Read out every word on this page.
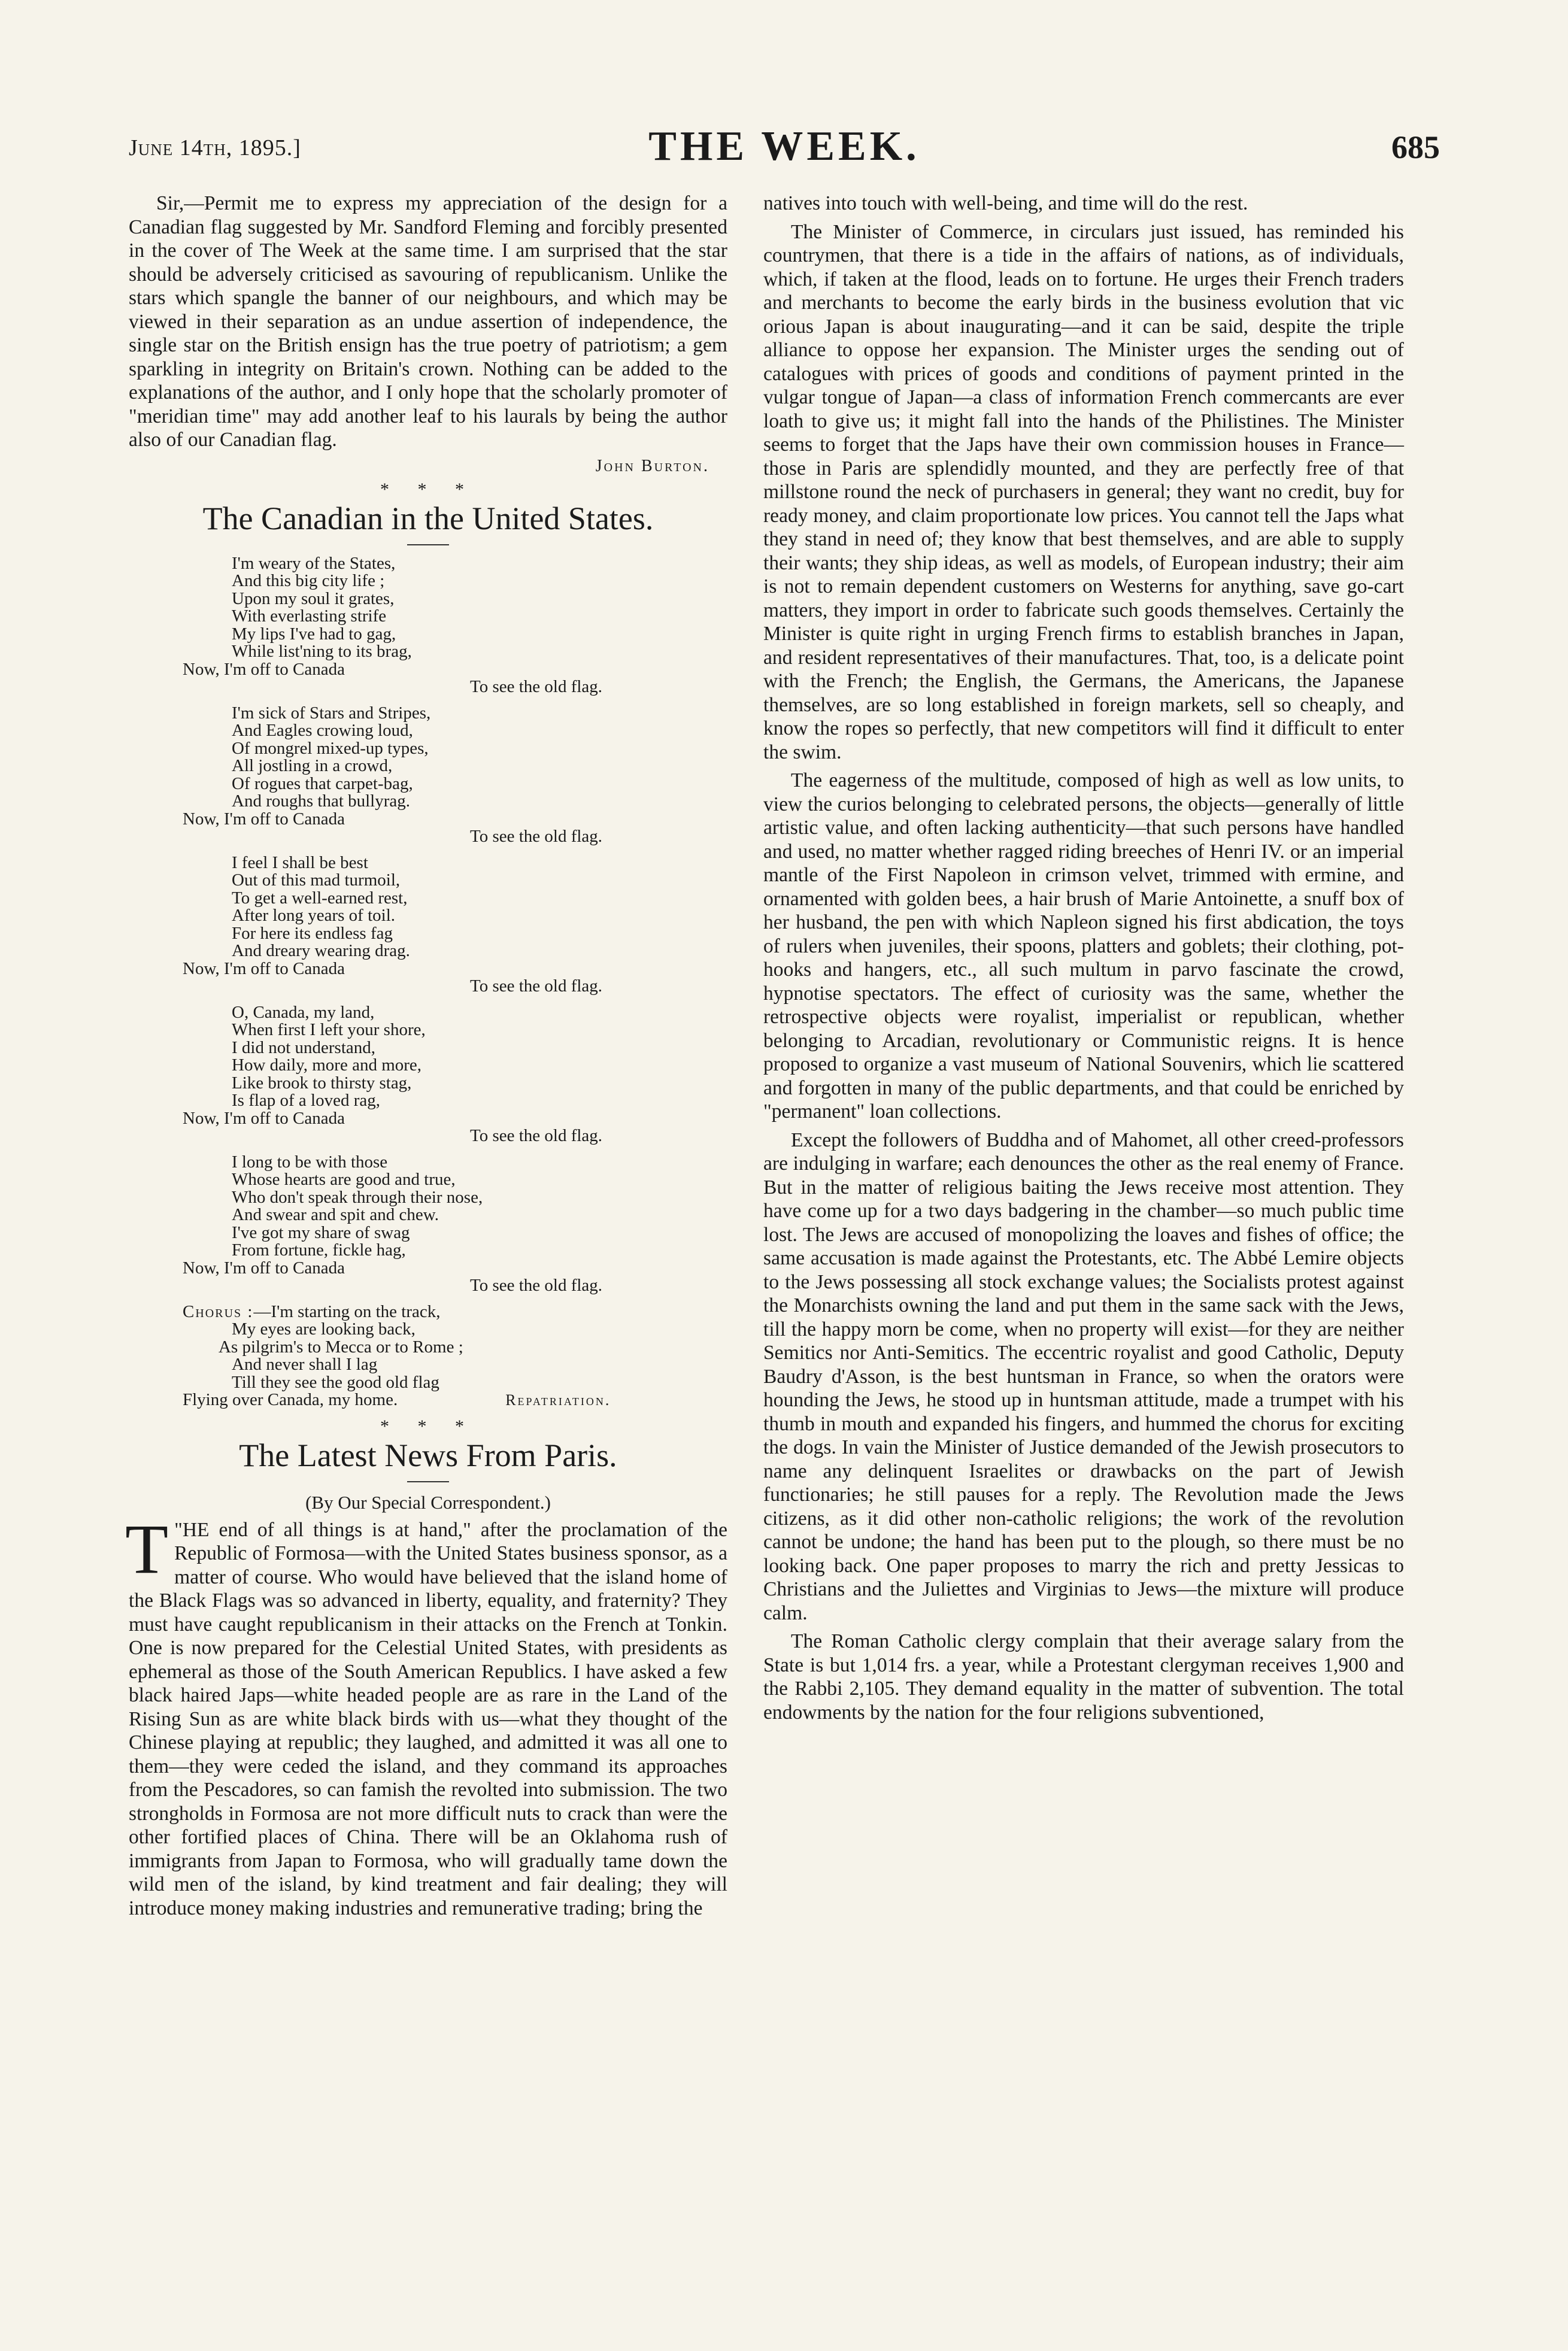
June 14th, 1895.]	THE WEEK.	685

Sir,—Permit me to express my appreciation of the design for a Canadian flag suggested by Mr. Sandford Fleming and forcibly presented in the cover of The Week at the same time. I am surprised that the star should be adversely criticised as savouring of republicanism. Unlike the stars which spangle the banner of our neighbours, and which may be viewed in their separation as an undue assertion of independence, the single star on the British ensign has the true poetry of patriotism; a gem sparkling in integrity on Britain's crown. Nothing can be added to the explanations of the author, and I only hope that the scholarly promoter of "meridian time" may add another leaf to his laurals by being the author also of our Canadian flag.

John Burton.
* * *
The Canadian in the United States.
I'm weary of the States,
And this big city life ;
Upon my soul it grates,
With everlasting strife
My lips I've had to gag,
While list'ning to its brag,
Now, I'm off to Canada
To see the old flag.
I'm sick of Stars and Stripes,
And Eagles crowing loud,
Of mongrel mixed-up types,
All jostling in a crowd,
Of rogues that carpet-bag,
And roughs that bullyrag.
Now, I'm off to Canada
To see the old flag.
I feel I shall be best
Out of this mad turmoil,
To get a well-earned rest,
After long years of toil.
For here its endless fag
And dreary wearing drag.
Now, I'm off to Canada
To see the old flag.
O, Canada, my land,
When first I left your shore,
I did not understand,
How daily, more and more,
Like brook to thirsty stag,
Is flap of a loved rag,
Now, I'm off to Canada
To see the old flag.
I long to be with those
Whose hearts are good and true,
Who don't speak through their nose,
And swear and spit and chew.
I've got my share of swag
From fortune, fickle hag,
Now, I'm off to Canada
To see the old flag.
Chorus :—I'm starting on the track,
My eyes are looking back,
As pilgrim's to Mecca or to Rome ;
And never shall I lag
Till they see the good old flag
Flying over Canada, my home.	Repatriation.
* * *
The Latest News From Paris.
(By Our Special Correspondent.)

"
T HE end of all things is at hand," after the proclamation of the Republic of Formosa—with the United States business sponsor, as a matter of course. Who would have believed that the island home of the Black Flags was so advanced in liberty, equality, and fraternity? They must have caught republicanism in their attacks on the French at Tonkin. One is now prepared for the Celestial United States, with presidents as ephemeral as those of the South American Republics. I have asked a few black haired Japs—white headed people are as rare in the Land of the Rising Sun as are white black birds with us—what they thought of the Chinese playing at republic; they laughed, and admitted it was all one to them—they were ceded the island, and they command its approaches from the Pescadores, so can famish the revolted into submission. The two strongholds in Formosa are not more difficult nuts to crack than were the other fortified places of China. There will be an Oklahoma rush of immigrants from Japan to Formosa, who will gradually tame down the wild men of the island, by kind treatment and fair dealing; they will introduce money making industries and remunerative trading; bring the

natives into touch with well-being, and time will do the rest.

The Minister of Commerce, in circulars just issued, has reminded his countrymen, that there is a tide in the affairs of nations, as of individuals, which, if taken at the flood, leads on to fortune. He urges their French traders and merchants to become the early birds in the business evolution that vic orious Japan is about inaugurating—and it can be said, despite the triple alliance to oppose her expansion. The Minister urges the sending out of catalogues with prices of goods and conditions of payment printed in the vulgar tongue of Japan—a class of information French commercants are ever loath to give us; it might fall into the hands of the Philistines. The Minister seems to forget that the Japs have their own commission houses in France—those in Paris are splendidly mounted, and they are perfectly free of that millstone round the neck of purchasers in general; they want no credit, buy for ready money, and claim proportionate low prices. You cannot tell the Japs what they stand in need of; they know that best themselves, and are able to supply their wants; they ship ideas, as well as models, of European industry; their aim is not to remain dependent customers on Westerns for anything, save go-cart matters, they import in order to fabricate such goods themselves. Certainly the Minister is quite right in urging French firms to establish branches in Japan, and resident representatives of their manufactures. That, too, is a delicate point with the French; the English, the Germans, the Americans, the Japanese themselves, are so long established in foreign markets, sell so cheaply, and know the ropes so perfectly, that new competitors will find it difficult to enter the swim.

The eagerness of the multitude, composed of high as well as low units, to view the curios belonging to celebrated persons, the objects—generally of little artistic value, and often lacking authenticity—that such persons have handled and used, no matter whether ragged riding breeches of Henri IV. or an imperial mantle of the First Napoleon in crimson velvet, trimmed with ermine, and ornamented with golden bees, a hair brush of Marie Antoinette, a snuff box of her husband, the pen with which Napleon signed his first abdication, the toys of rulers when juveniles, their spoons, platters and goblets; their clothing, pot-hooks and hangers, etc., all such multum in parvo fascinate the crowd, hypnotise spectators. The effect of curiosity was the same, whether the retrospective objects were royalist, imperialist or republican, whether belonging to Arcadian, revolutionary or Communistic reigns. It is hence proposed to organize a vast museum of National Souvenirs, which lie scattered and forgotten in many of the public departments, and that could be enriched by "permanent" loan collections.

Except the followers of Buddha and of Mahomet, all other creed-professors are indulging in warfare; each denounces the other as the real enemy of France. But in the matter of religious baiting the Jews receive most attention. They have come up for a two days badgering in the chamber—so much public time lost. The Jews are accused of monopolizing the loaves and fishes of office; the same accusation is made against the Protestants, etc. The Abbé Lemire objects to the Jews possessing all stock exchange values; the Socialists protest against the Monarchists owning the land and put them in the same sack with the Jews, till the happy morn be come, when no property will exist—for they are neither Semitics nor Anti-Semitics. The eccentric royalist and good Catholic, Deputy Baudry d'Asson, is the best huntsman in France, so when the orators were hounding the Jews, he stood up in huntsman attitude, made a trumpet with his thumb in mouth and expanded his fingers, and hummed the chorus for exciting the dogs. In vain the Minister of Justice demanded of the Jewish prosecutors to name any delinquent Israelites or drawbacks on the part of Jewish functionaries; he still pauses for a reply. The Revolution made the Jews citizens, as it did other non-catholic religions; the work of the revolution cannot be undone; the hand has been put to the plough, so there must be no looking back. One paper proposes to marry the rich and pretty Jessicas to Christians and the Juliettes and Virginias to Jews—the mixture will produce calm.

The Roman Catholic clergy complain that their average salary from the State is but 1,014 frs. a year, while a Protestant clergyman receives 1,900 and the Rabbi 2,105. They demand equality in the matter of subvention. The total endowments by the nation for the four religions subventioned,
